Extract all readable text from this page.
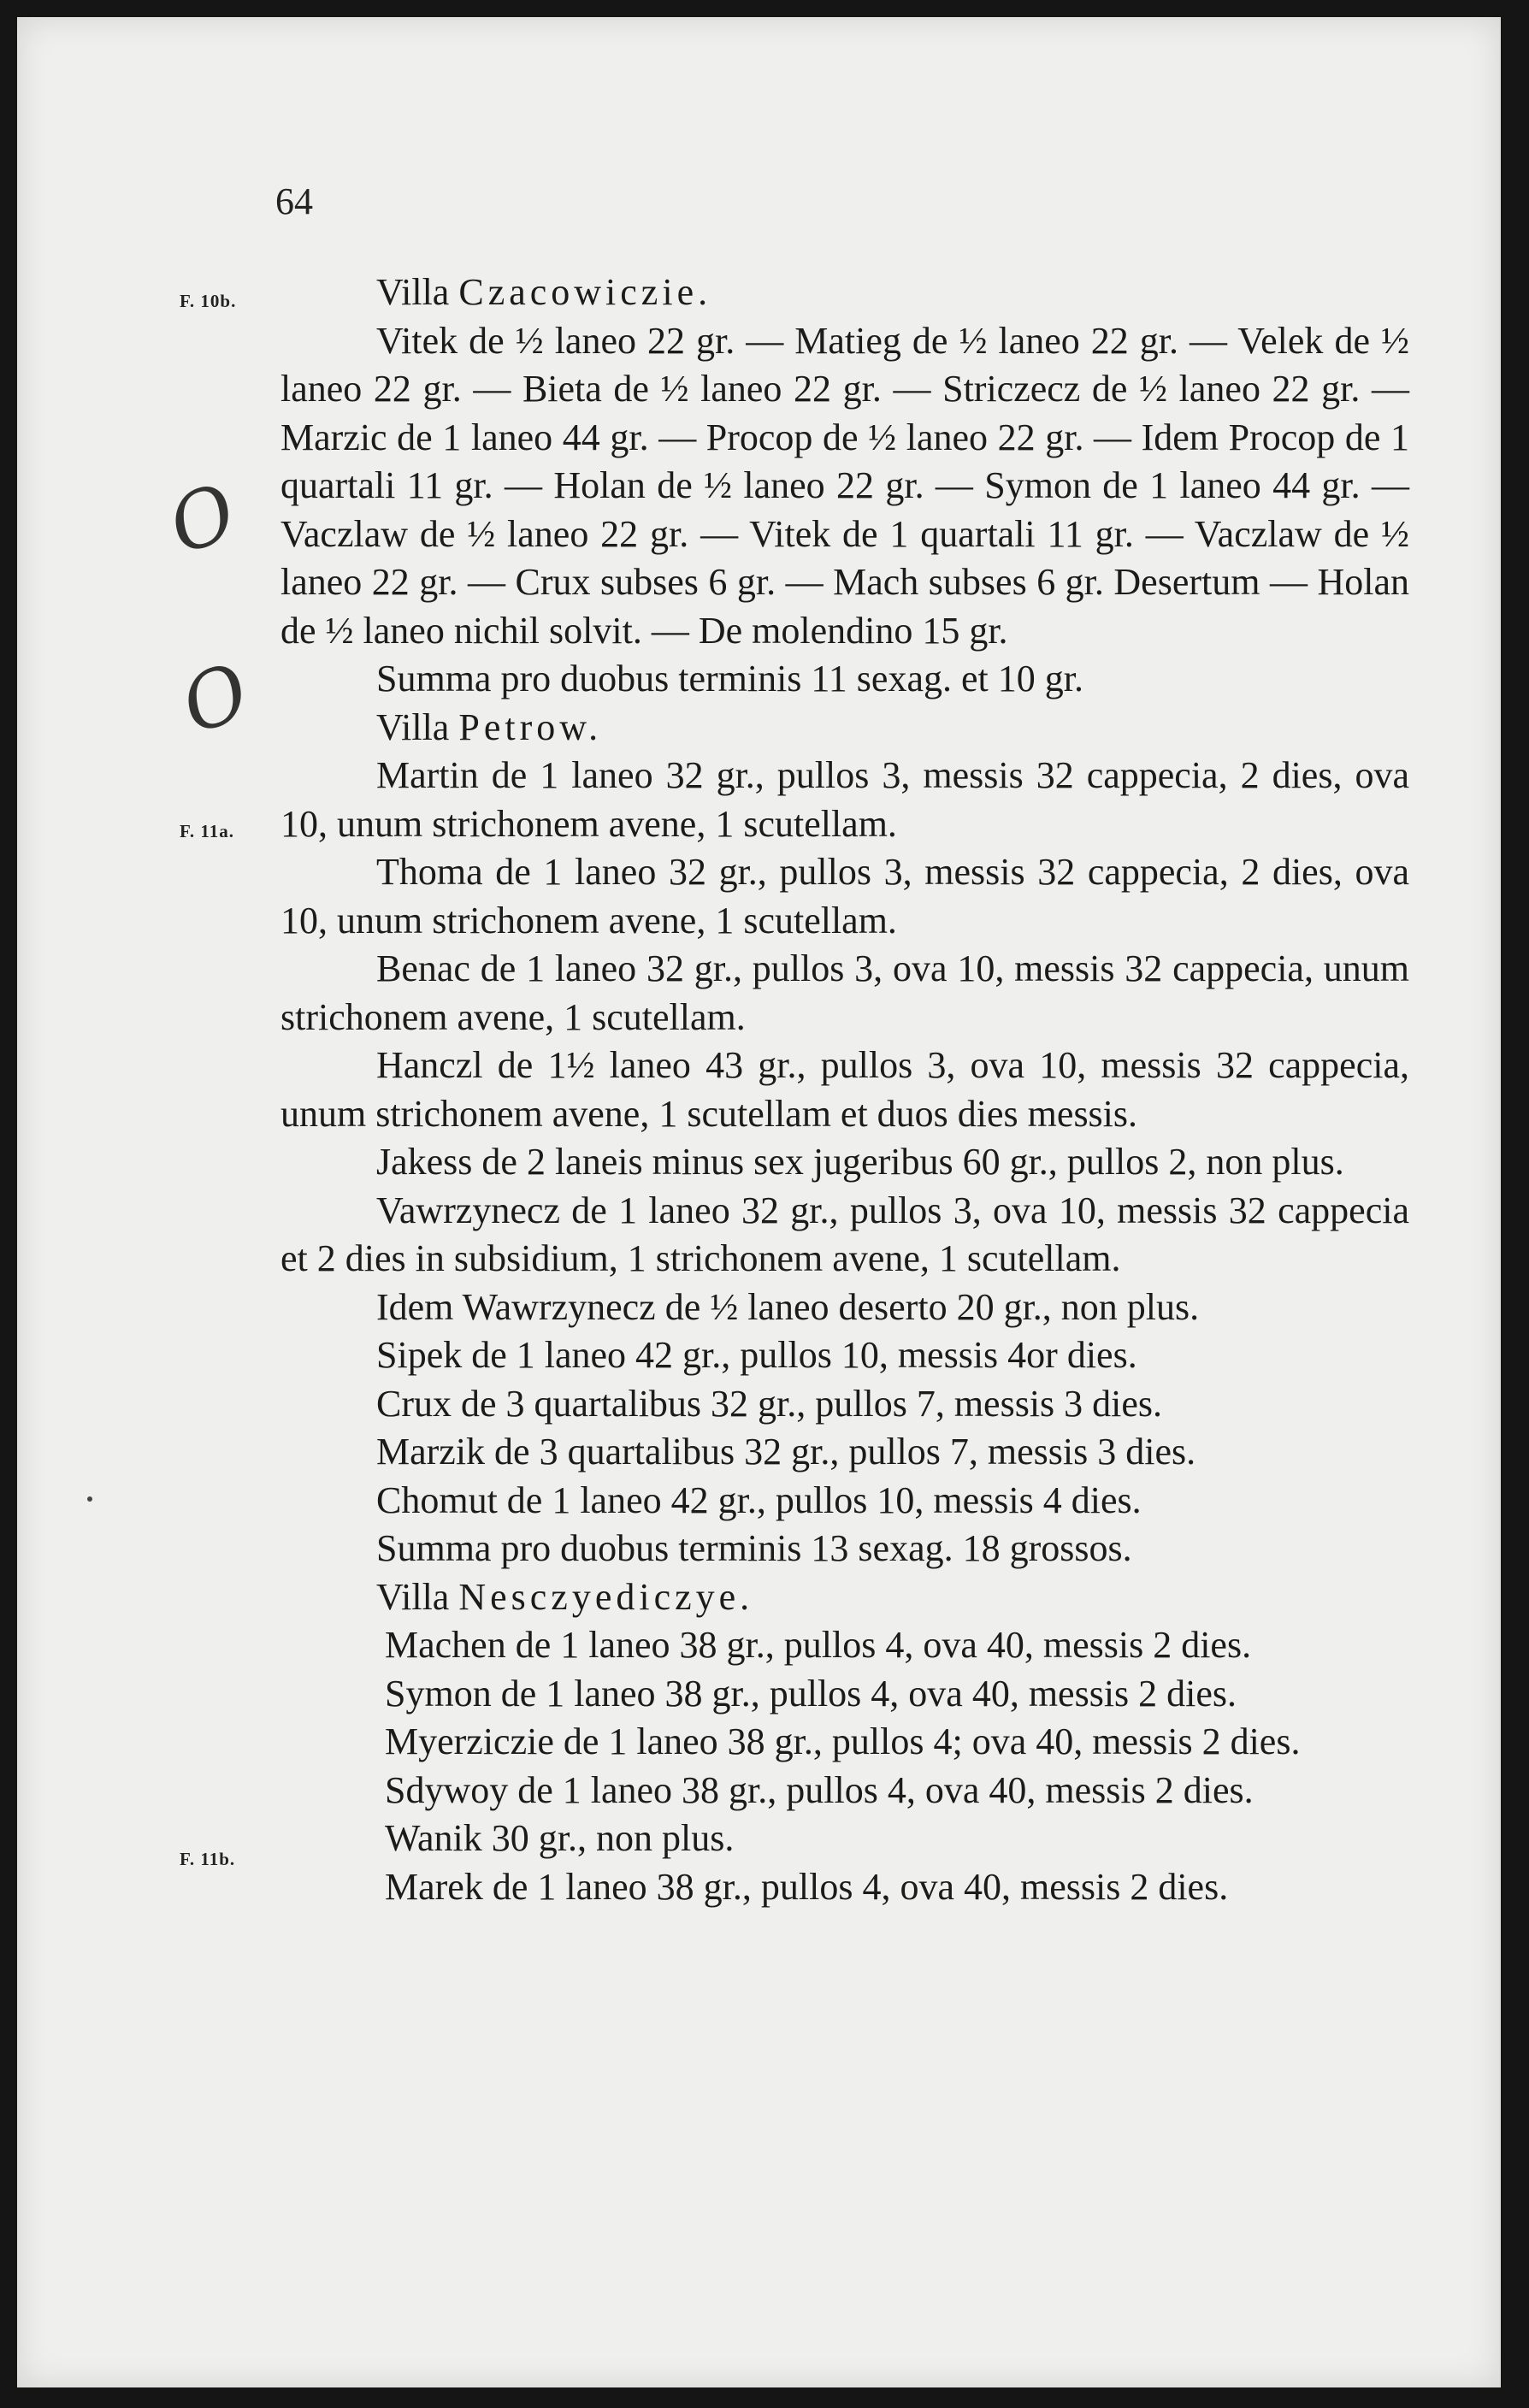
64
F. 10b.
F. 11a.
F. 11b.
O
O

Villa Czacowiczie.

Vitek de ½ laneo 22 gr. — Matieg de ½ laneo 22 gr. — Velek de ½ laneo 22 gr. — Bieta de ½ laneo 22 gr. — Striczecz de ½ laneo 22 gr. — Marzic de 1 laneo 44 gr. — Procop de ½ laneo 22 gr. — Idem Procop de 1 quartali 11 gr. — Holan de ½ laneo 22 gr. — Symon de 1 laneo 44 gr. — Vaczlaw de ½ laneo 22 gr. — Vitek de 1 quartali 11 gr. — Vaczlaw de ½ laneo 22 gr. — Crux subses 6 gr. — Mach subses 6 gr. Desertum — Holan de ½ laneo nichil solvit. — De molendino 15 gr.

Summa pro duobus terminis 11 sexag. et 10 gr.

Villa Petrow.

Martin de 1 laneo 32 gr., pullos 3, messis 32 cappecia, 2 dies, ova 10, unum strichonem avene, 1 scutellam.

Thoma de 1 laneo 32 gr., pullos 3, messis 32 cappecia, 2 dies, ova 10, unum strichonem avene, 1 scutellam.

Benac de 1 laneo 32 gr., pullos 3, ova 10, messis 32 cappecia, unum strichonem avene, 1 scutellam.

Hanczl de 1½ laneo 43 gr., pullos 3, ova 10, messis 32 cappecia, unum strichonem avene, 1 scutellam et duos dies messis.

Jakess de 2 laneis minus sex jugeribus 60 gr., pullos 2, non plus.

Vawrzynecz de 1 laneo 32 gr., pullos 3, ova 10, messis 32 cappecia et 2 dies in subsidium, 1 strichonem avene, 1 scutellam.

Idem Wawrzynecz de ½ laneo deserto 20 gr., non plus.

Sipek de 1 laneo 42 gr., pullos 10, messis 4or dies.

Crux de 3 quartalibus 32 gr., pullos 7, messis 3 dies.

Marzik de 3 quartalibus 32 gr., pullos 7, messis 3 dies.

Chomut de 1 laneo 42 gr., pullos 10, messis 4 dies.

Summa pro duobus terminis 13 sexag. 18 grossos.

Villa Nesczyediczye.

Machen de 1 laneo 38 gr., pullos 4, ova 40, messis 2 dies.

Symon de 1 laneo 38 gr., pullos 4, ova 40, messis 2 dies.

Myerziczie de 1 laneo 38 gr., pullos 4; ova 40, messis 2 dies.

Sdywoy de 1 laneo 38 gr., pullos 4, ova 40, messis 2 dies.

Wanik 30 gr., non plus.

Marek de 1 laneo 38 gr., pullos 4, ova 40, messis 2 dies.
